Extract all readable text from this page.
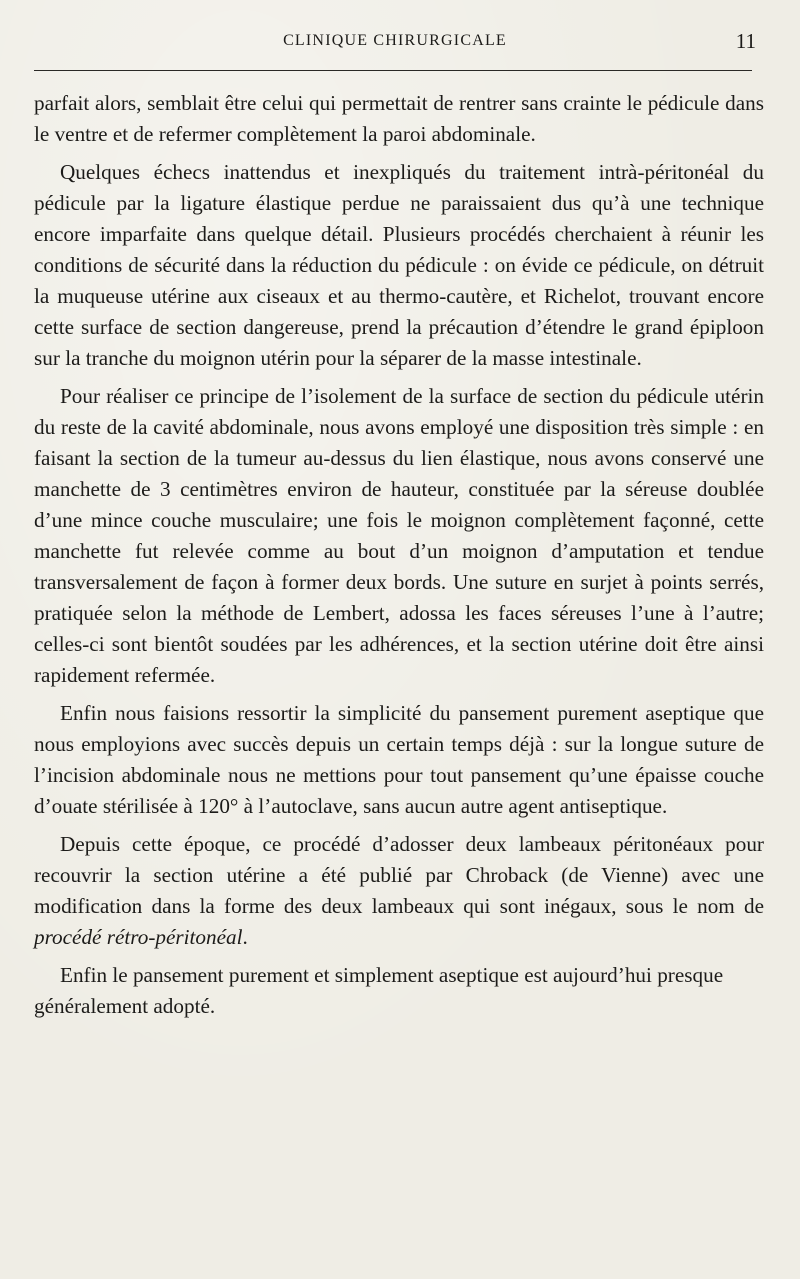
CLINIQUE CHIRURGICALE	11

parfait alors, semblait être celui qui permettait de rentrer sans crainte le pédicule dans le ventre et de refermer complètement la paroi abdominale.

Quelques échecs inattendus et inexpliqués du traitement intrà-péritonéal du pédicule par la ligature élastique perdue ne paraissaient dus qu’à une technique encore imparfaite dans quelque détail. Plusieurs procédés cherchaient à réunir les conditions de sécurité dans la réduction du pédicule : on évide ce pédicule, on détruit la muqueuse utérine aux ciseaux et au thermo-cautère, et Richelot, trouvant encore cette surface de section dangereuse, prend la précaution d’étendre le grand épiploon sur la tranche du moignon utérin pour la séparer de la masse intestinale.

Pour réaliser ce principe de l’isolement de la surface de section du pédicule utérin du reste de la cavité abdominale, nous avons employé une disposition très simple : en faisant la section de la tumeur au-dessus du lien élastique, nous avons conservé une manchette de 3 centimètres environ de hauteur, constituée par la séreuse doublée d’une mince couche musculaire; une fois le moignon complètement façonné, cette manchette fut relevée comme au bout d’un moignon d’amputation et tendue transversalement de façon à former deux bords. Une suture en surjet à points serrés, pratiquée selon la méthode de Lembert, adossa les faces séreuses l’une à l’autre; celles-ci sont bientôt soudées par les adhérences, et la section utérine doit être ainsi rapidement refermée.

Enfin nous faisions ressortir la simplicité du pansement purement aseptique que nous employions avec succès depuis un certain temps déjà : sur la longue suture de l’incision abdominale nous ne mettions pour tout pansement qu’une épaisse couche d’ouate stérilisée à 120° à l’autoclave, sans aucun autre agent antiseptique.

Depuis cette époque, ce procédé d’adosser deux lambeaux péritonéaux pour recouvrir la section utérine a été publié par Chroback (de Vienne) avec une modification dans la forme des deux lambeaux qui sont inégaux, sous le nom de procédé rétro-péritonéal.

Enfin le pansement purement et simplement aseptique est aujourd’hui presque généralement adopté.
